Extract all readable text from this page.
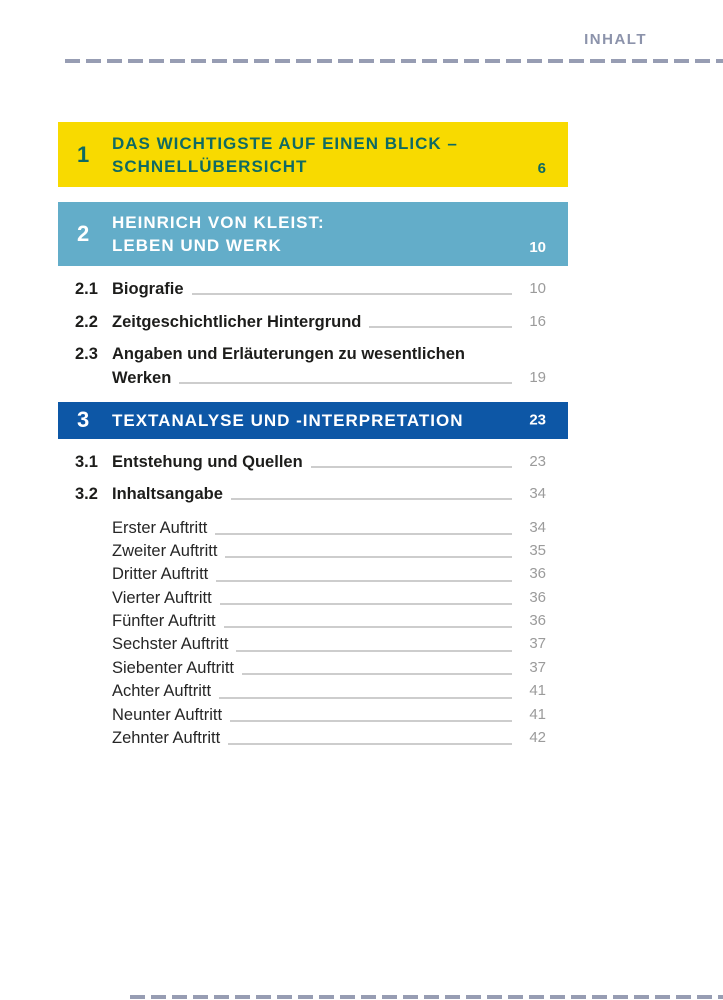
INHALT
1	DAS WICHTIGSTE AUF EINEN BLICK –
SCHNELLÜBERSICHT	6
2	HEINRICH VON KLEIST:
LEBEN UND WERK	10
2.1 Biografie	10
2.2 Zeitgeschichtlicher Hintergrund	16
2.3 Angaben und Erläuterungen zu wesentlichen
Werken	19
3	TEXTANALYSE UND -INTERPRETATION	23
3.1 Entstehung und Quellen	23
3.2 Inhaltsangabe	34
Erster Auftritt	34
Zweiter Auftritt	35
Dritter Auftritt	36
Vierter Auftritt	36
Fünfter Auftritt	36
Sechster Auftritt	37
Siebenter Auftritt	37
Achter Auftritt	41
Neunter Auftritt	41
Zehnter Auftritt	42
